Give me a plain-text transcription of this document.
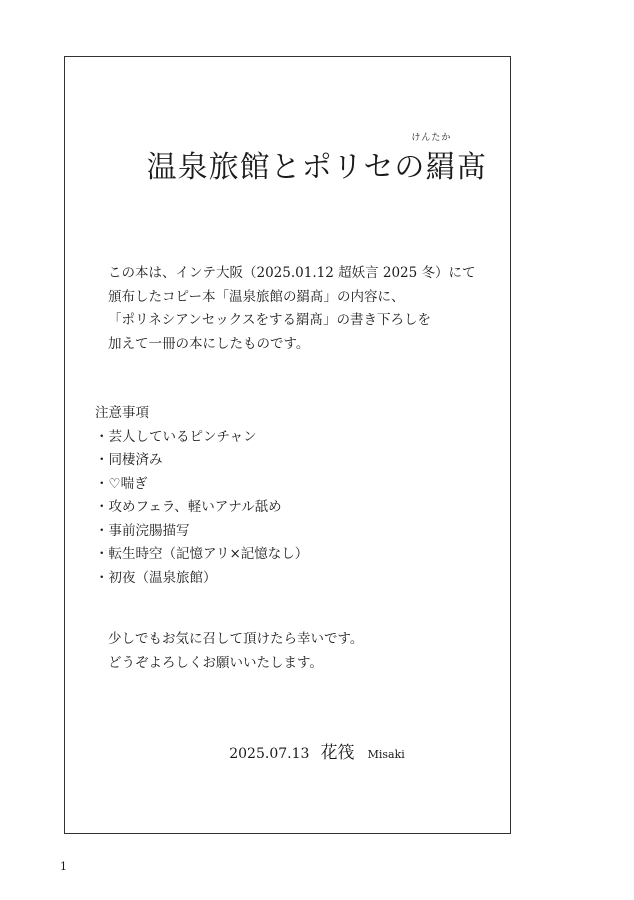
けんたか
温泉旅館とポリセの羂髙
この本は、インテ大阪（2025.01.12 超妖言 2025 冬）にて
頒布したコピー本「温泉旅館の羂髙」の内容に、
「ポリネシアンセックスをする羂髙」の書き下ろしを
加えて一冊の本にしたものです。
注意事項
・芸人しているピンチャン
・同棲済み
・♡喘ぎ
・攻めフェラ、軽いアナル舐め
・事前浣腸描写
・転生時空（記憶アリ×記憶なし）
・初夜（温泉旅館）
少しでもお気に召して頂けたら幸いです。
どうぞよろしくお願いいたします。
2025.07.13 花筏 Misaki
1
